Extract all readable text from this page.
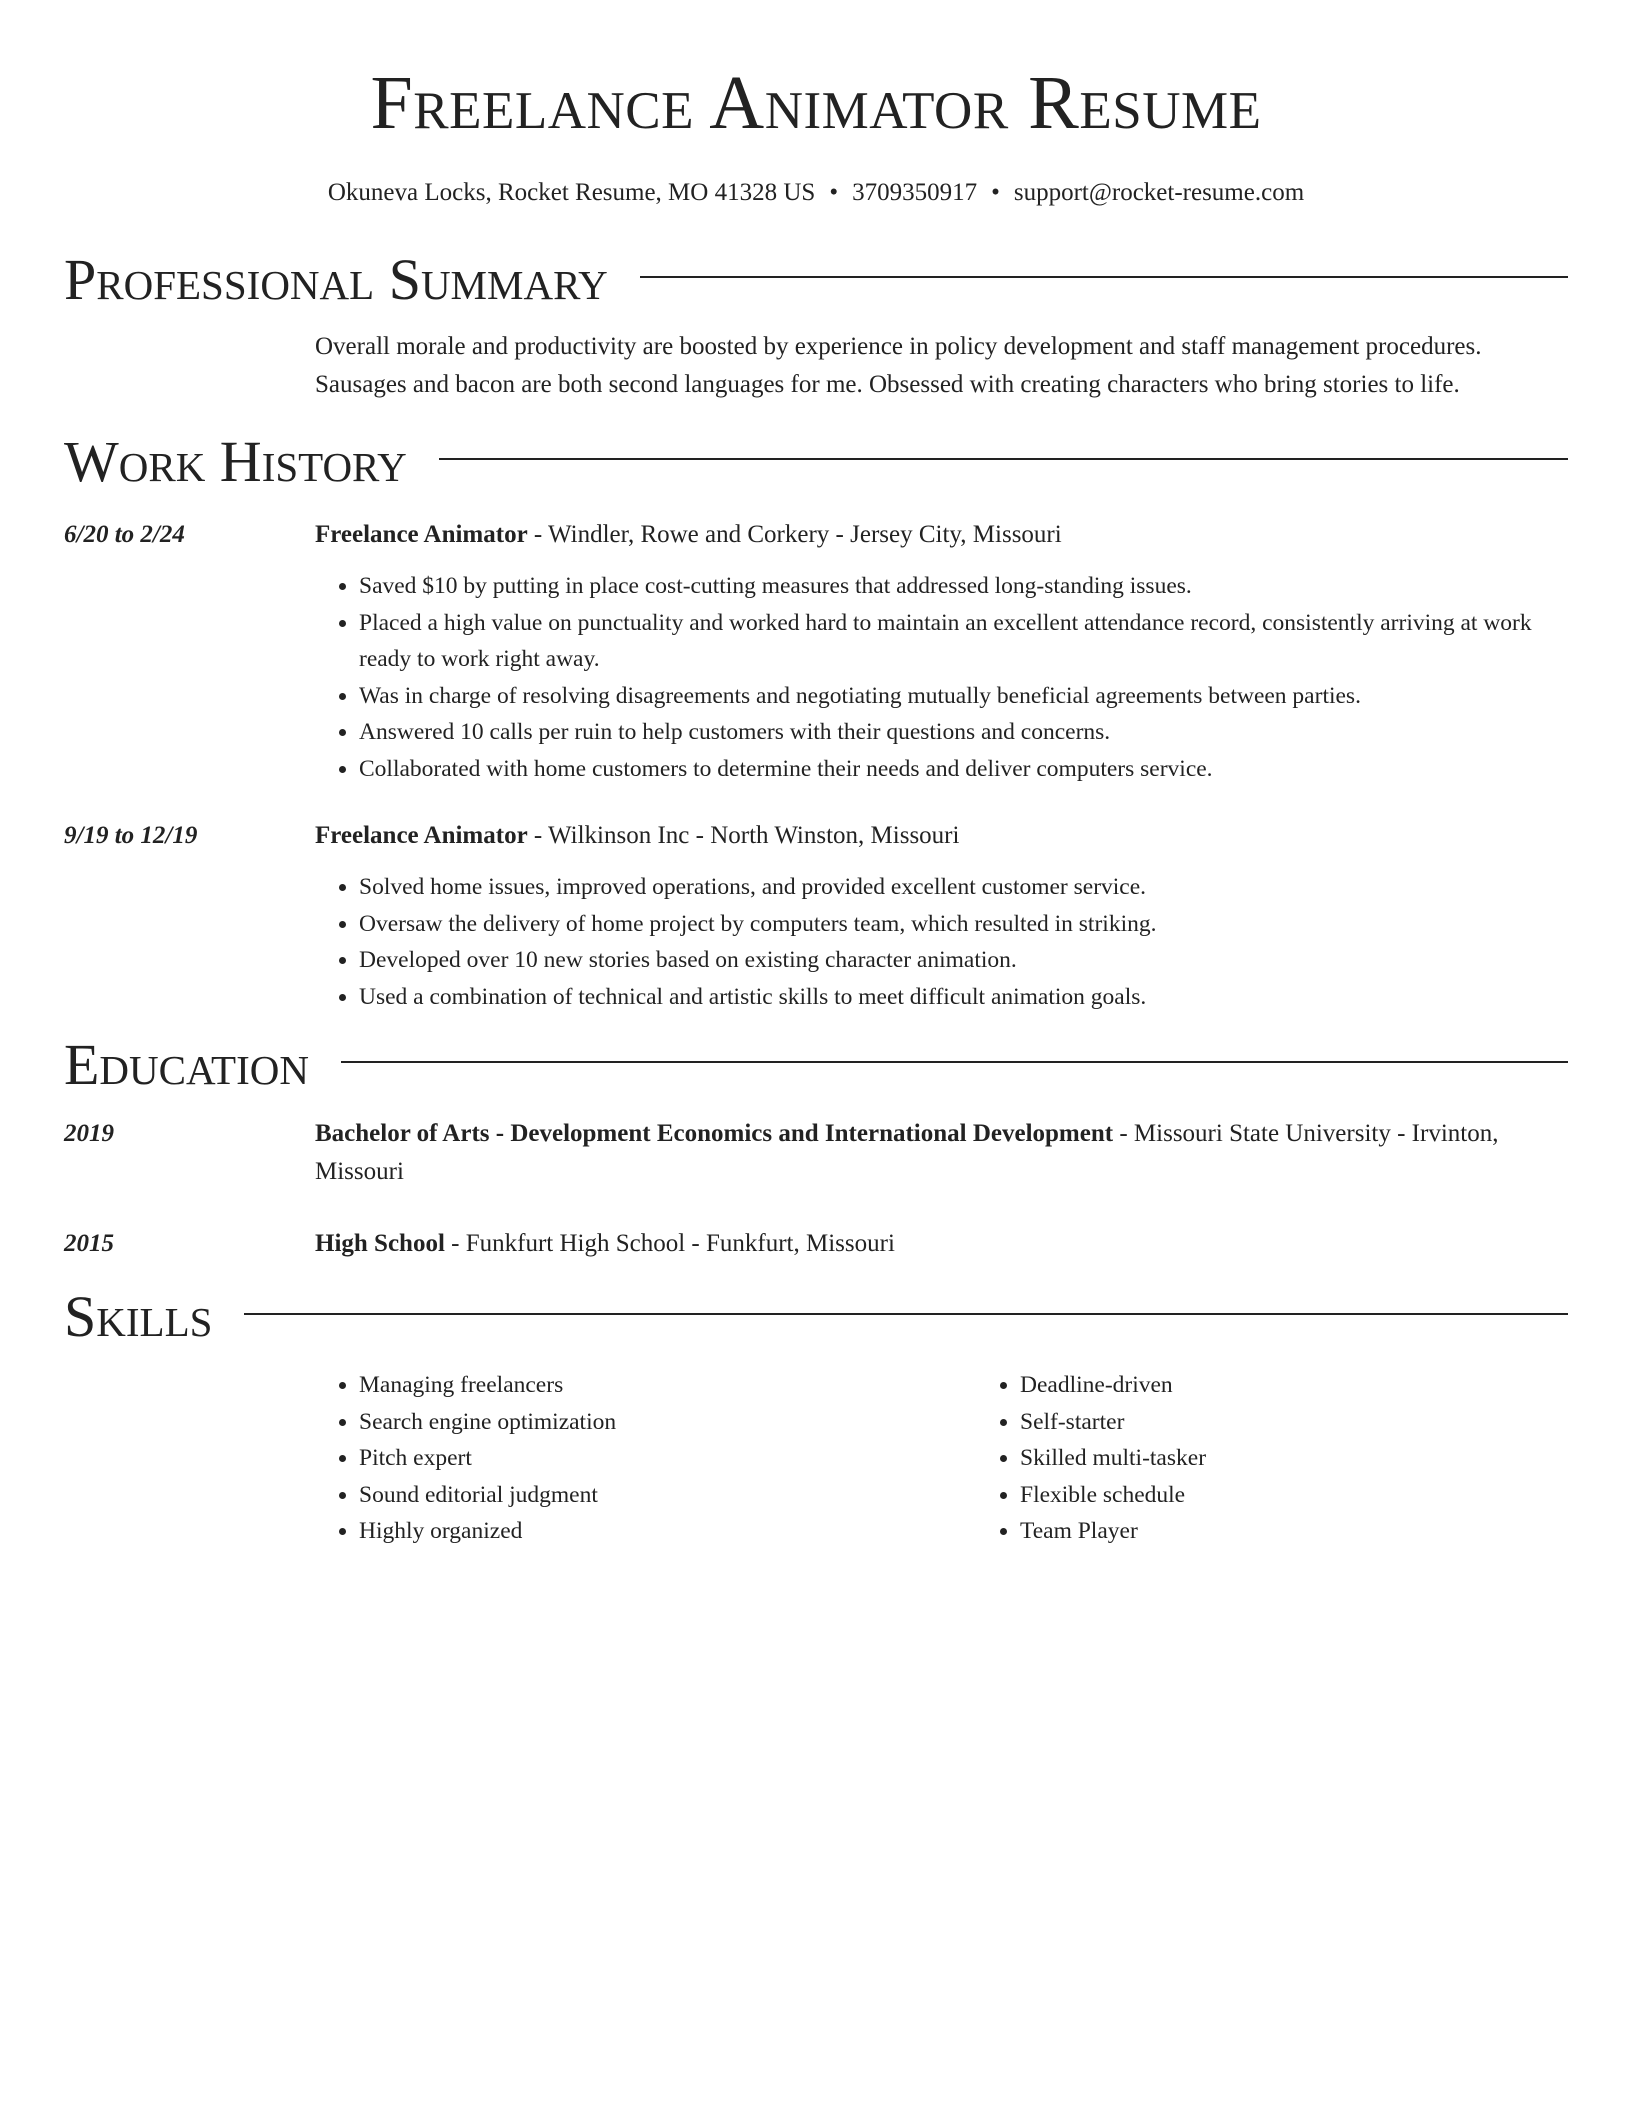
Freelance Animator Resume
Okuneva Locks, Rocket Resume, MO 41328 US • 3709350917 • support@rocket-resume.com
Professional Summary
Overall morale and productivity are boosted by experience in policy development and staff management procedures. Sausages and bacon are both second languages for me. Obsessed with creating characters who bring stories to life.
Work History
6/20 to 2/24	Freelance Animator - Windler, Rowe and Corkery - Jersey City, Missouri
• Saved $10 by putting in place cost-cutting measures that addressed long-standing issues.
• Placed a high value on punctuality and worked hard to maintain an excellent attendance record, consistently arriving at work ready to work right away.
• Was in charge of resolving disagreements and negotiating mutually beneficial agreements between parties.
• Answered 10 calls per ruin to help customers with their questions and concerns.
• Collaborated with home customers to determine their needs and deliver computers service.
9/19 to 12/19	Freelance Animator - Wilkinson Inc - North Winston, Missouri
• Solved home issues, improved operations, and provided excellent customer service.
• Oversaw the delivery of home project by computers team, which resulted in striking.
• Developed over 10 new stories based on existing character animation.
• Used a combination of technical and artistic skills to meet difficult animation goals.
Education
2019	Bachelor of Arts - Development Economics and International Development - Missouri State University - Irvinton, Missouri
2015	High School - Funkfurt High School - Funkfurt, Missouri
Skills
• Managing freelancers
• Search engine optimization
• Pitch expert
• Sound editorial judgment
• Highly organized
• Deadline-driven
• Self-starter
• Skilled multi-tasker
• Flexible schedule
• Team Player
